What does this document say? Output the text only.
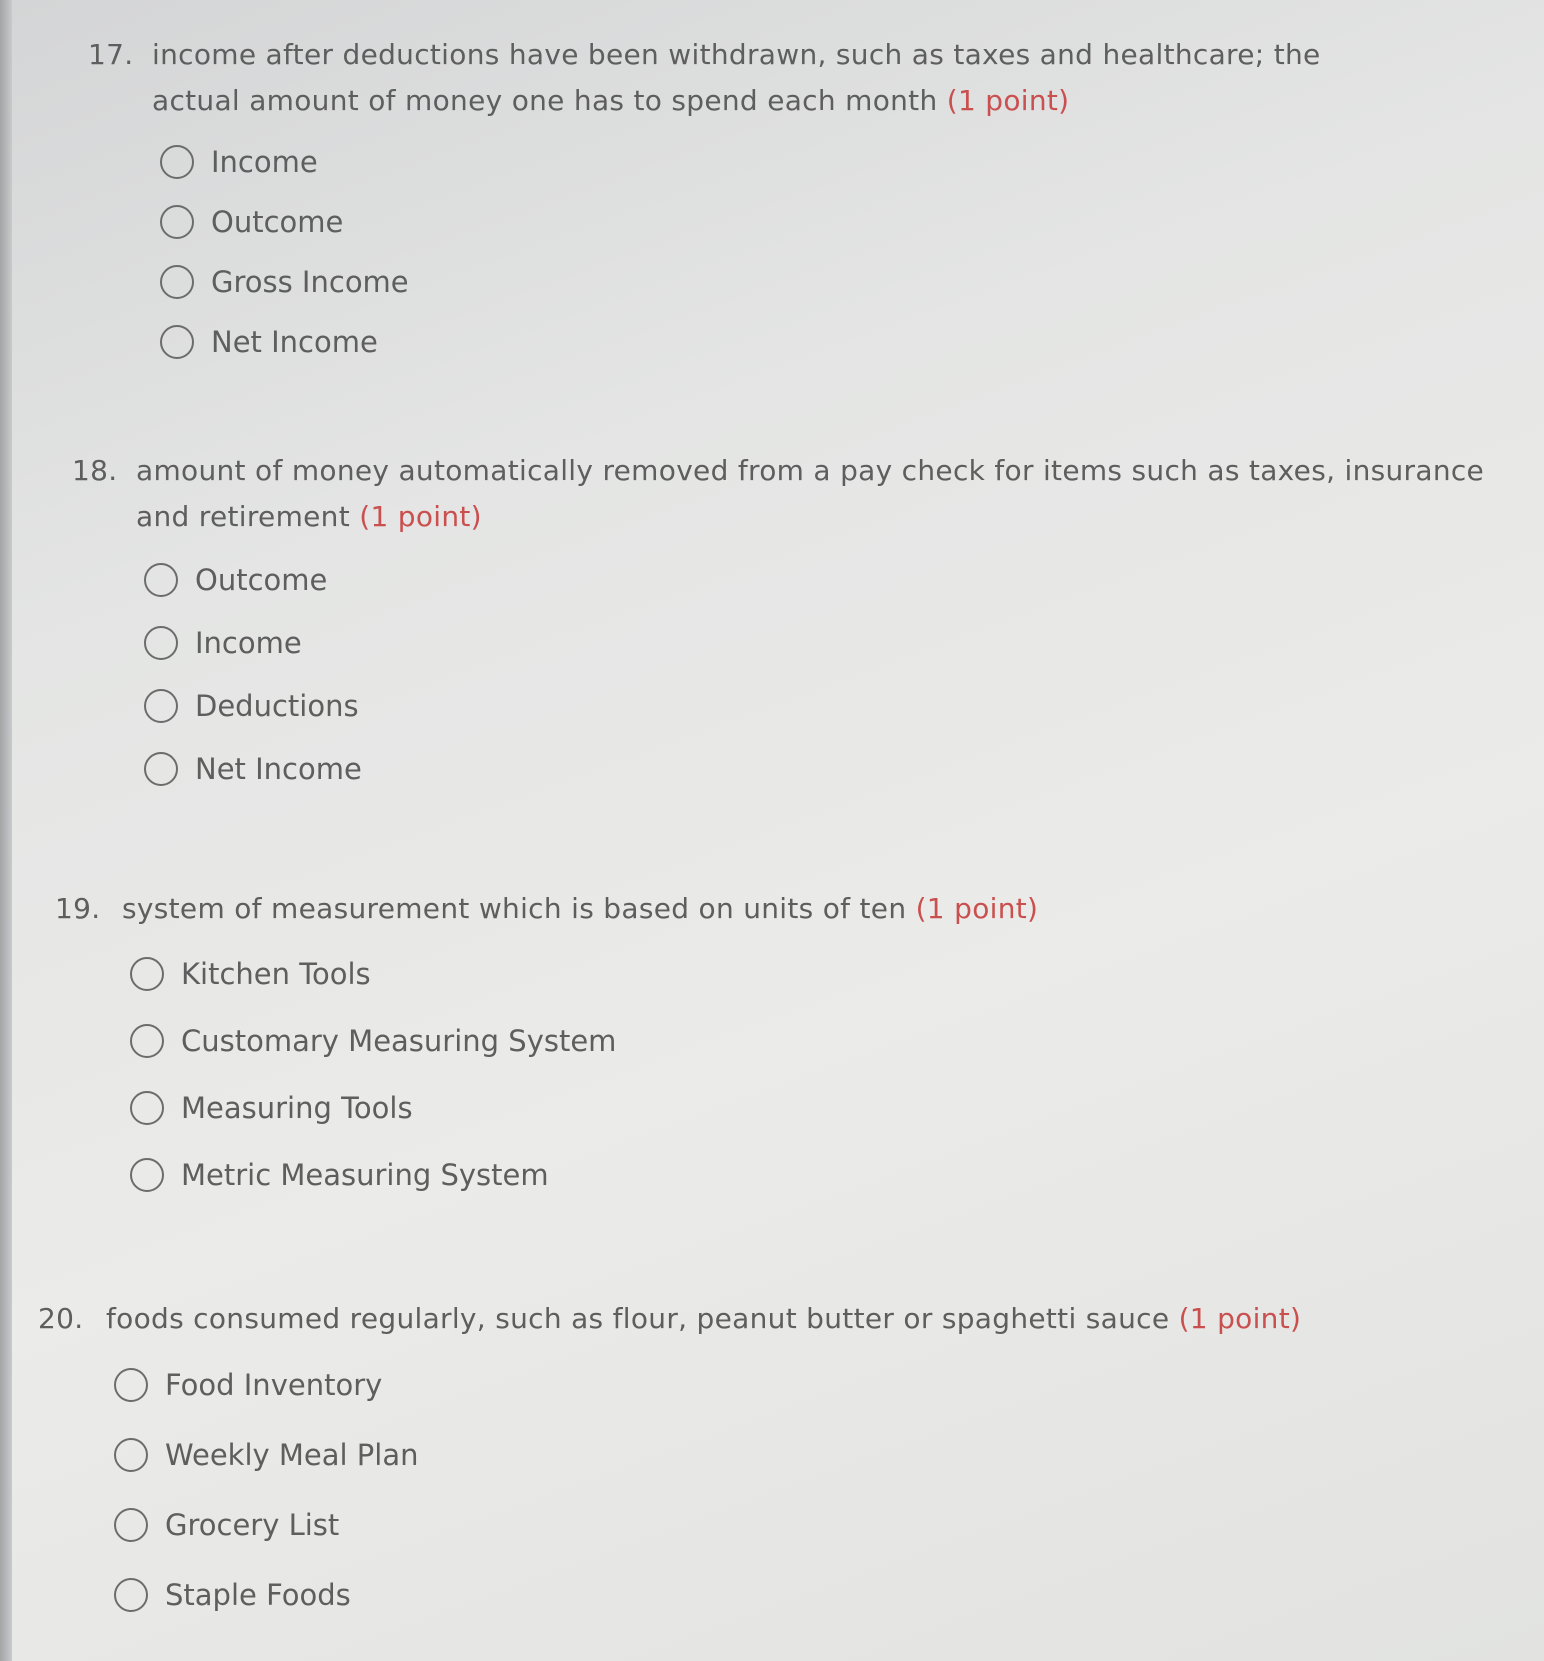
17. income after deductions have been withdrawn, such as taxes and healthcare; the actual amount of money one has to spend each month (1 point)
Income
Outcome
Gross Income
Net Income
18. amount of money automatically removed from a pay check for items such as taxes, insurance and retirement (1 point)
Outcome
Income
Deductions
Net Income
19. system of measurement which is based on units of ten (1 point)
Kitchen Tools
Customary Measuring System
Measuring Tools
Metric Measuring System
20. foods consumed regularly, such as flour, peanut butter or spaghetti sauce (1 point)
Food Inventory
Weekly Meal Plan
Grocery List
Staple Foods
